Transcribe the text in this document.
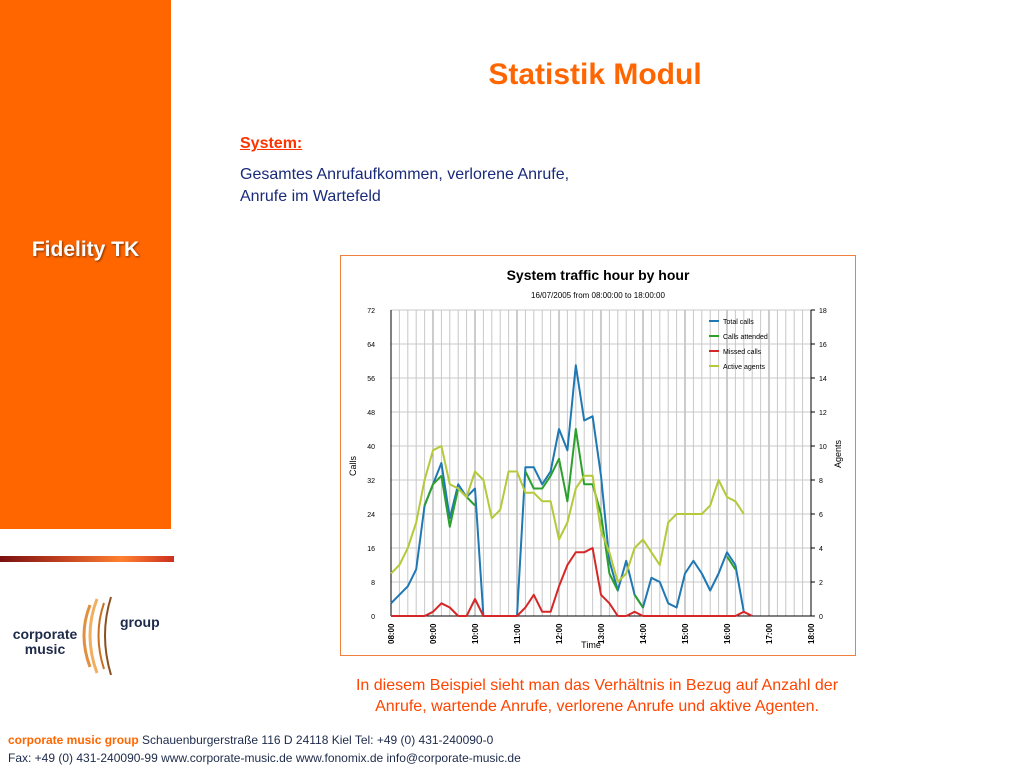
Fidelity TK
Statistik Modul
System:
Gesamtes Anrufaufkommen, verlorene Anrufe, Anrufe im Wartefeld
System traffic hour by hour
16/07/2005 from 08:00:00 to 18:00:00
Time
Calls	Agents
0
8
16
24
32
40
48
56
64
72
0
2
4
6
8
10
12
14
16
18
08:00	09:00	10:00	11:00	12:00	13:00	14:00	15:00	16:00	17:00	18:00
Total calls
Calls attended
Missed calls
Active agents
In diesem Beispiel sieht man das Verhältnis in Bezug auf Anzahl der Anrufe, wartende Anrufe, verlorene Anrufe und aktive Agenten.
corporate music
group
corporate music group Schauenburgerstraße 116 D 24118 Kiel Tel: +49 (0) 431-240090-0
Fax: +49 (0) 431-240090-99 www.corporate-music.de www.fonomix.de info@corporate-music.de
